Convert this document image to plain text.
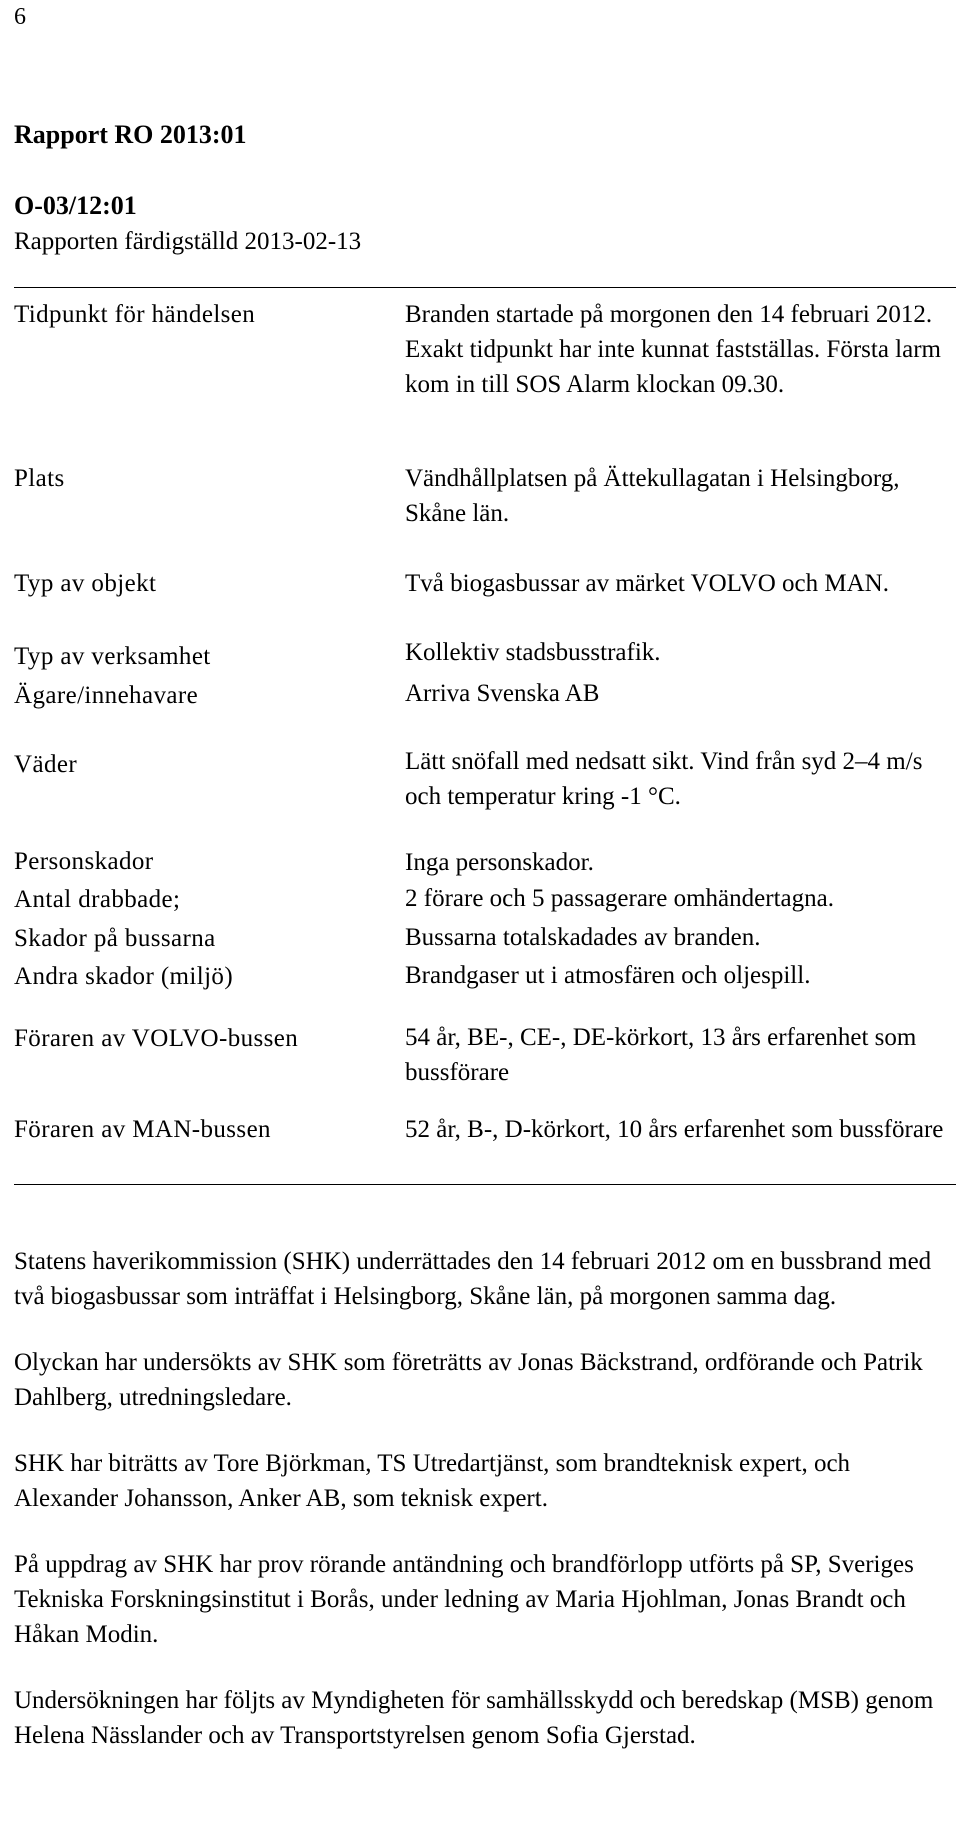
6
Rapport RO 2013:01
O-03/12:01
Rapporten färdigställd 2013-02-13
Tidpunkt för händelsen	Branden startade på morgonen den 14 februari 2012. Exakt tidpunkt har inte kunnat fastställas. Första larm kom in till SOS Alarm klockan 09.30.
Plats	Vändhållplatsen på Ättekullagatan i Helsingborg, Skåne län.
Typ av objekt	Två biogasbussar av märket VOLVO och MAN.
Typ av verksamhet	Kollektiv stadsbusstrafik.
Ägare/innehavare	Arriva Svenska AB
Väder	Lätt snöfall med nedsatt sikt. Vind från syd 2–4 m/s och temperatur kring -1 °C.
Personskador	Inga personskador.
Antal drabbade;	2 förare och 5 passagerare omhändertagna.
Skador på bussarna	Bussarna totalskadades av branden.
Andra skador (miljö)	Brandgaser ut i atmosfären och oljespill.
Föraren av VOLVO-bussen	54 år, BE-, CE-, DE-körkort, 13 års erfarenhet som bussförare
Föraren av MAN-bussen	52 år, B-, D-körkort, 10 års erfarenhet som bussförare

Statens haverikommission (SHK) underrättades den 14 februari 2012 om en bussbrand med två biogasbussar som inträffat i Helsingborg, Skåne län, på morgonen samma dag.

Olyckan har undersökts av SHK som företrätts av Jonas Bäckstrand, ordförande och Patrik Dahlberg, utredningsledare.

SHK har biträtts av Tore Björkman, TS Utredartjänst, som brandteknisk expert, och Alexander Johansson, Anker AB, som teknisk expert.

På uppdrag av SHK har prov rörande antändning och brandförlopp utförts på SP, Sveriges Tekniska Forskningsinstitut i Borås, under ledning av Maria Hjohlman, Jonas Brandt och Håkan Modin.

Undersökningen har följts av Myndigheten för samhällsskydd och beredskap (MSB) genom Helena Nässlander och av Transportstyrelsen genom Sofia Gjerstad.
